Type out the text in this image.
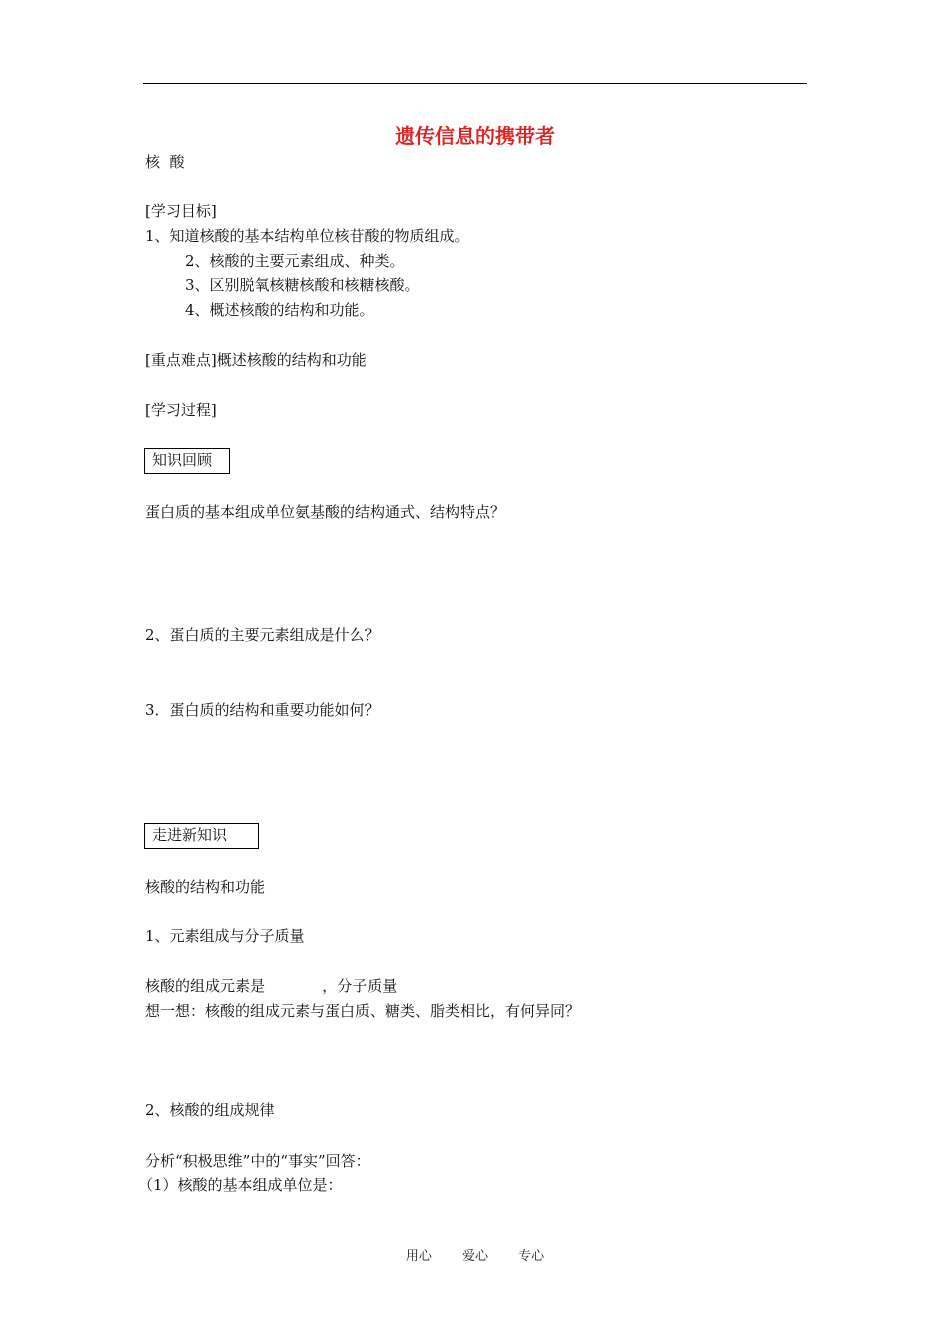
遗传信息的携带者
核  酸
[学习目标]
1、知道核酸的基本结构单位核苷酸的物质组成。
2、核酸的主要元素组成、种类。
3、区别脱氧核糖核酸和核糖核酸。
4、概述核酸的结构和功能。
[重点难点]概述核酸的结构和功能
[学习过程]
知识回顾
蛋白质的基本组成单位氨基酸的结构通式、结构特点？
2、蛋白质的主要元素组成是什么？
3．蛋白质的结构和重要功能如何？
走进新知识
核酸的结构和功能
1、元素组成与分子质量
核酸的组成元素是            ，分子质量
想一想：核酸的组成元素与蛋白质、糖类、脂类相比，有何异同？
2、核酸的组成规律
分析“积极思维”中的“事实”回答：
（1）核酸的基本组成单位是：
用心 爱心 专心
